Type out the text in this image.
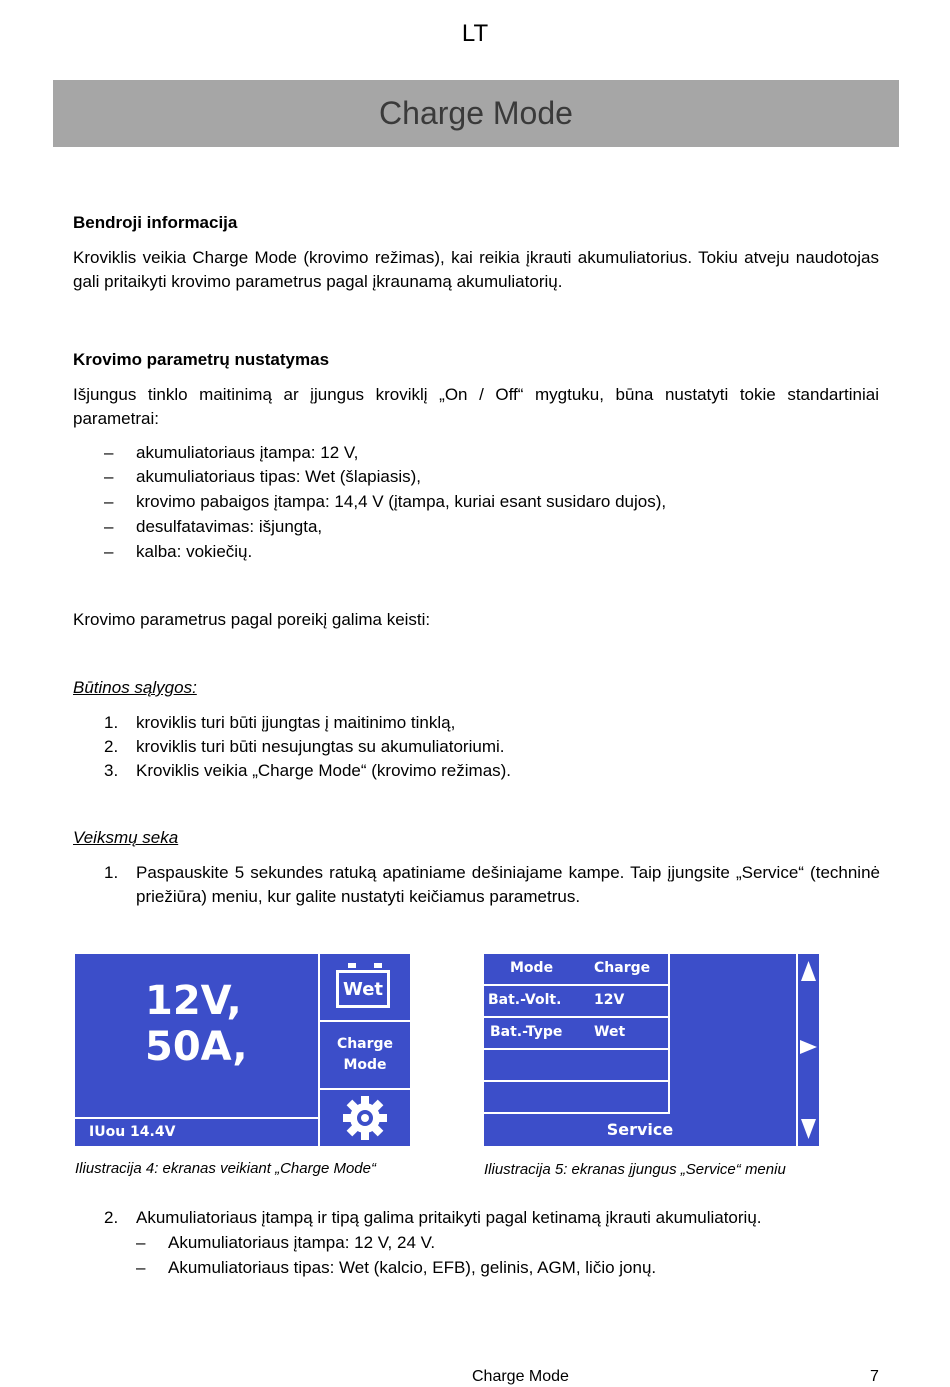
LT
Charge Mode
Bendroji informacija
Kroviklis veikia Charge Mode (krovimo režimas), kai reikia įkrauti akumuliatorius. Tokiu atveju naudotojas gali pritaikyti krovimo parametrus pagal įkraunamą akumuliatorių.
Krovimo parametrų nustatymas
Išjungus tinklo maitinimą ar įjungus kroviklį „On / Off“ mygtuku, būna nustatyti tokie standartiniai parametrai:
– akumuliatoriaus įtampa: 12 V,
– akumuliatoriaus tipas: Wet (šlapiasis),
– krovimo pabaigos įtampa: 14,4 V (įtampa, kuriai esant susidaro dujos),
– desulfatavimas: išjungta,
– kalba: vokiečių.
Krovimo parametrus pagal poreikį galima keisti:
Būtinos sąlygos:
1. kroviklis turi būti įjungtas į maitinimo tinklą,
2. kroviklis turi būti nesujungtas su akumuliatoriumi.
3. Kroviklis veikia „Charge Mode“ (krovimo režimas).
Veiksmų seka
1. Paspauskite 5 sekundes ratuką apatiniame dešiniajame kampe. Taip įjungsite „Service“ (techninė priežiūra) meniu, kur galite nustatyti keičiamus parametrus.
12V,
50A,
IUou 14.4V
Wet
Charge
Mode
Mode	Charge
Bat.-Volt. 12V
Bat.-Type Wet
Service
Iliustracija 4: ekranas veikiant „Charge Mode“	Iliustracija 5: ekranas įjungus „Service“ meniu
2. Akumuliatoriaus įtampą ir tipą galima pritaikyti pagal ketinamą įkrauti akumuliatorių.
– Akumuliatoriaus įtampa: 12 V, 24 V.
– Akumuliatoriaus tipas: Wet (kalcio, EFB), gelinis, AGM, ličio jonų.
Charge Mode	7
